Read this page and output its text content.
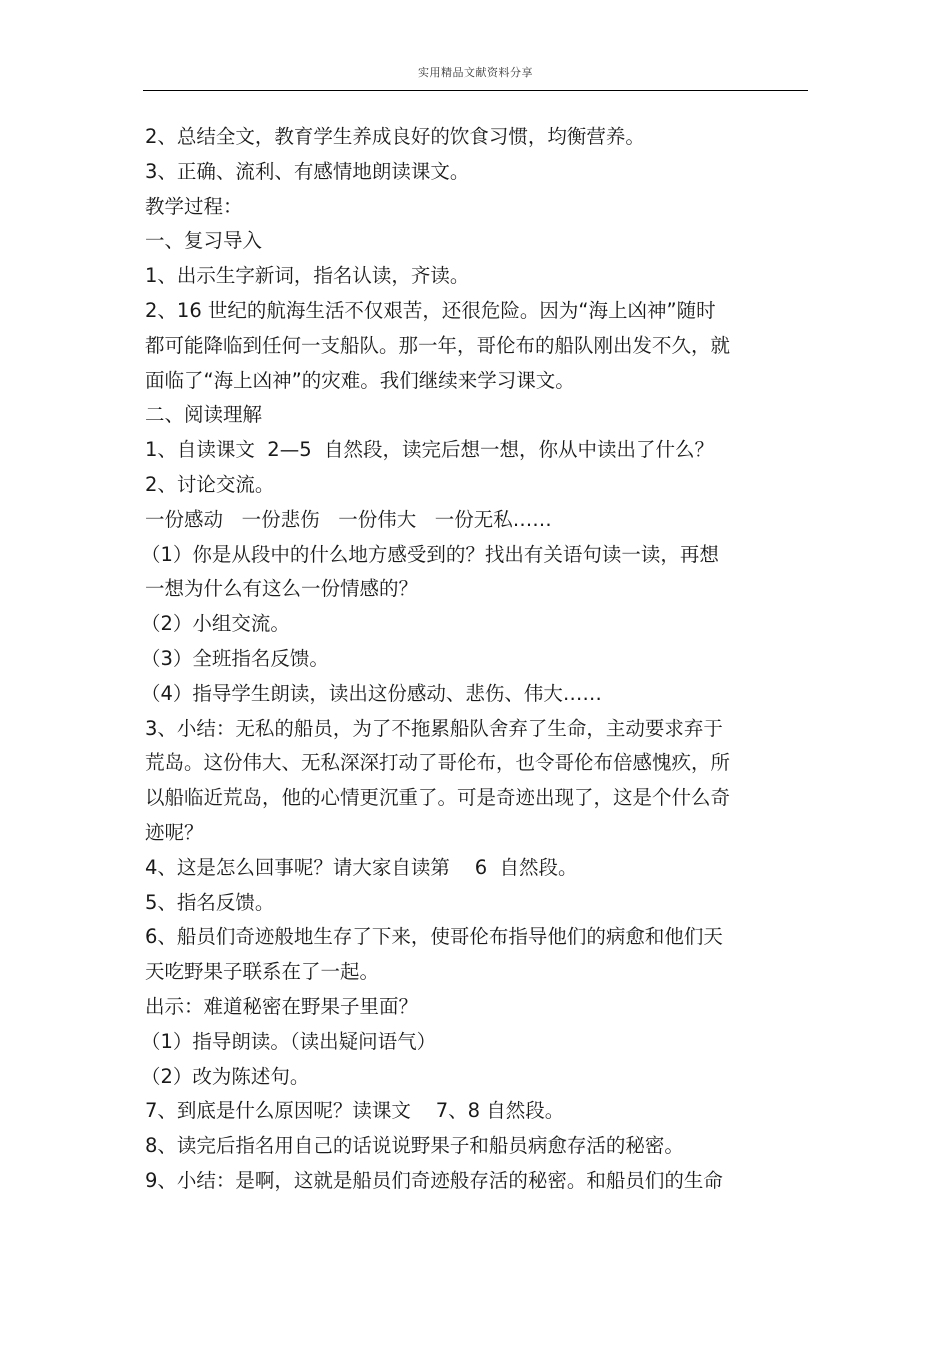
实用精品文献资料分享
2、总结全文，教育学生养成良好的饮食习惯，均衡营养。
3、正确、流利、有感情地朗读课文。
教学过程：
一、复习导入
1、出示生字新词，指名认读，齐读。
2、16 世纪的航海生活不仅艰苦，还很危险。因为“海上凶神”随时
都可能降临到任何一支船队。那一年，哥伦布的船队刚出发不久，就
面临了“海上凶神”的灾难。我们继续来学习课文。
二、阅读理解
1、自读课文  2—5  自然段，读完后想一想，你从中读出了什么？
2、讨论交流。
一份感动   一份悲伤   一份伟大   一份无私……
（1）你是从段中的什么地方感受到的？找出有关语句读一读，再想
一想为什么有这么一份情感的？
（2）小组交流。
（3）全班指名反馈。
（4）指导学生朗读，读出这份感动、悲伤、伟大……
3、小结：无私的船员，为了不拖累船队舍弃了生命，主动要求弃于
荒岛。这份伟大、无私深深打动了哥伦布，也令哥伦布倍感愧疚，所
以船临近荒岛，他的心情更沉重了。可是奇迹出现了，这是个什么奇
迹呢？
4、这是怎么回事呢？请大家自读第    6  自然段。
5、指名反馈。
6、船员们奇迹般地生存了下来，使哥伦布指导他们的病愈和他们天
天吃野果子联系在了一起。
出示：难道秘密在野果子里面？
（1）指导朗读。（读出疑问语气）
（2）改为陈述句。
7、到底是什么原因呢？读课文    7、8 自然段。
8、读完后指名用自己的话说说野果子和船员病愈存活的秘密。
9、小结：是啊，这就是船员们奇迹般存活的秘密。和船员们的生命
